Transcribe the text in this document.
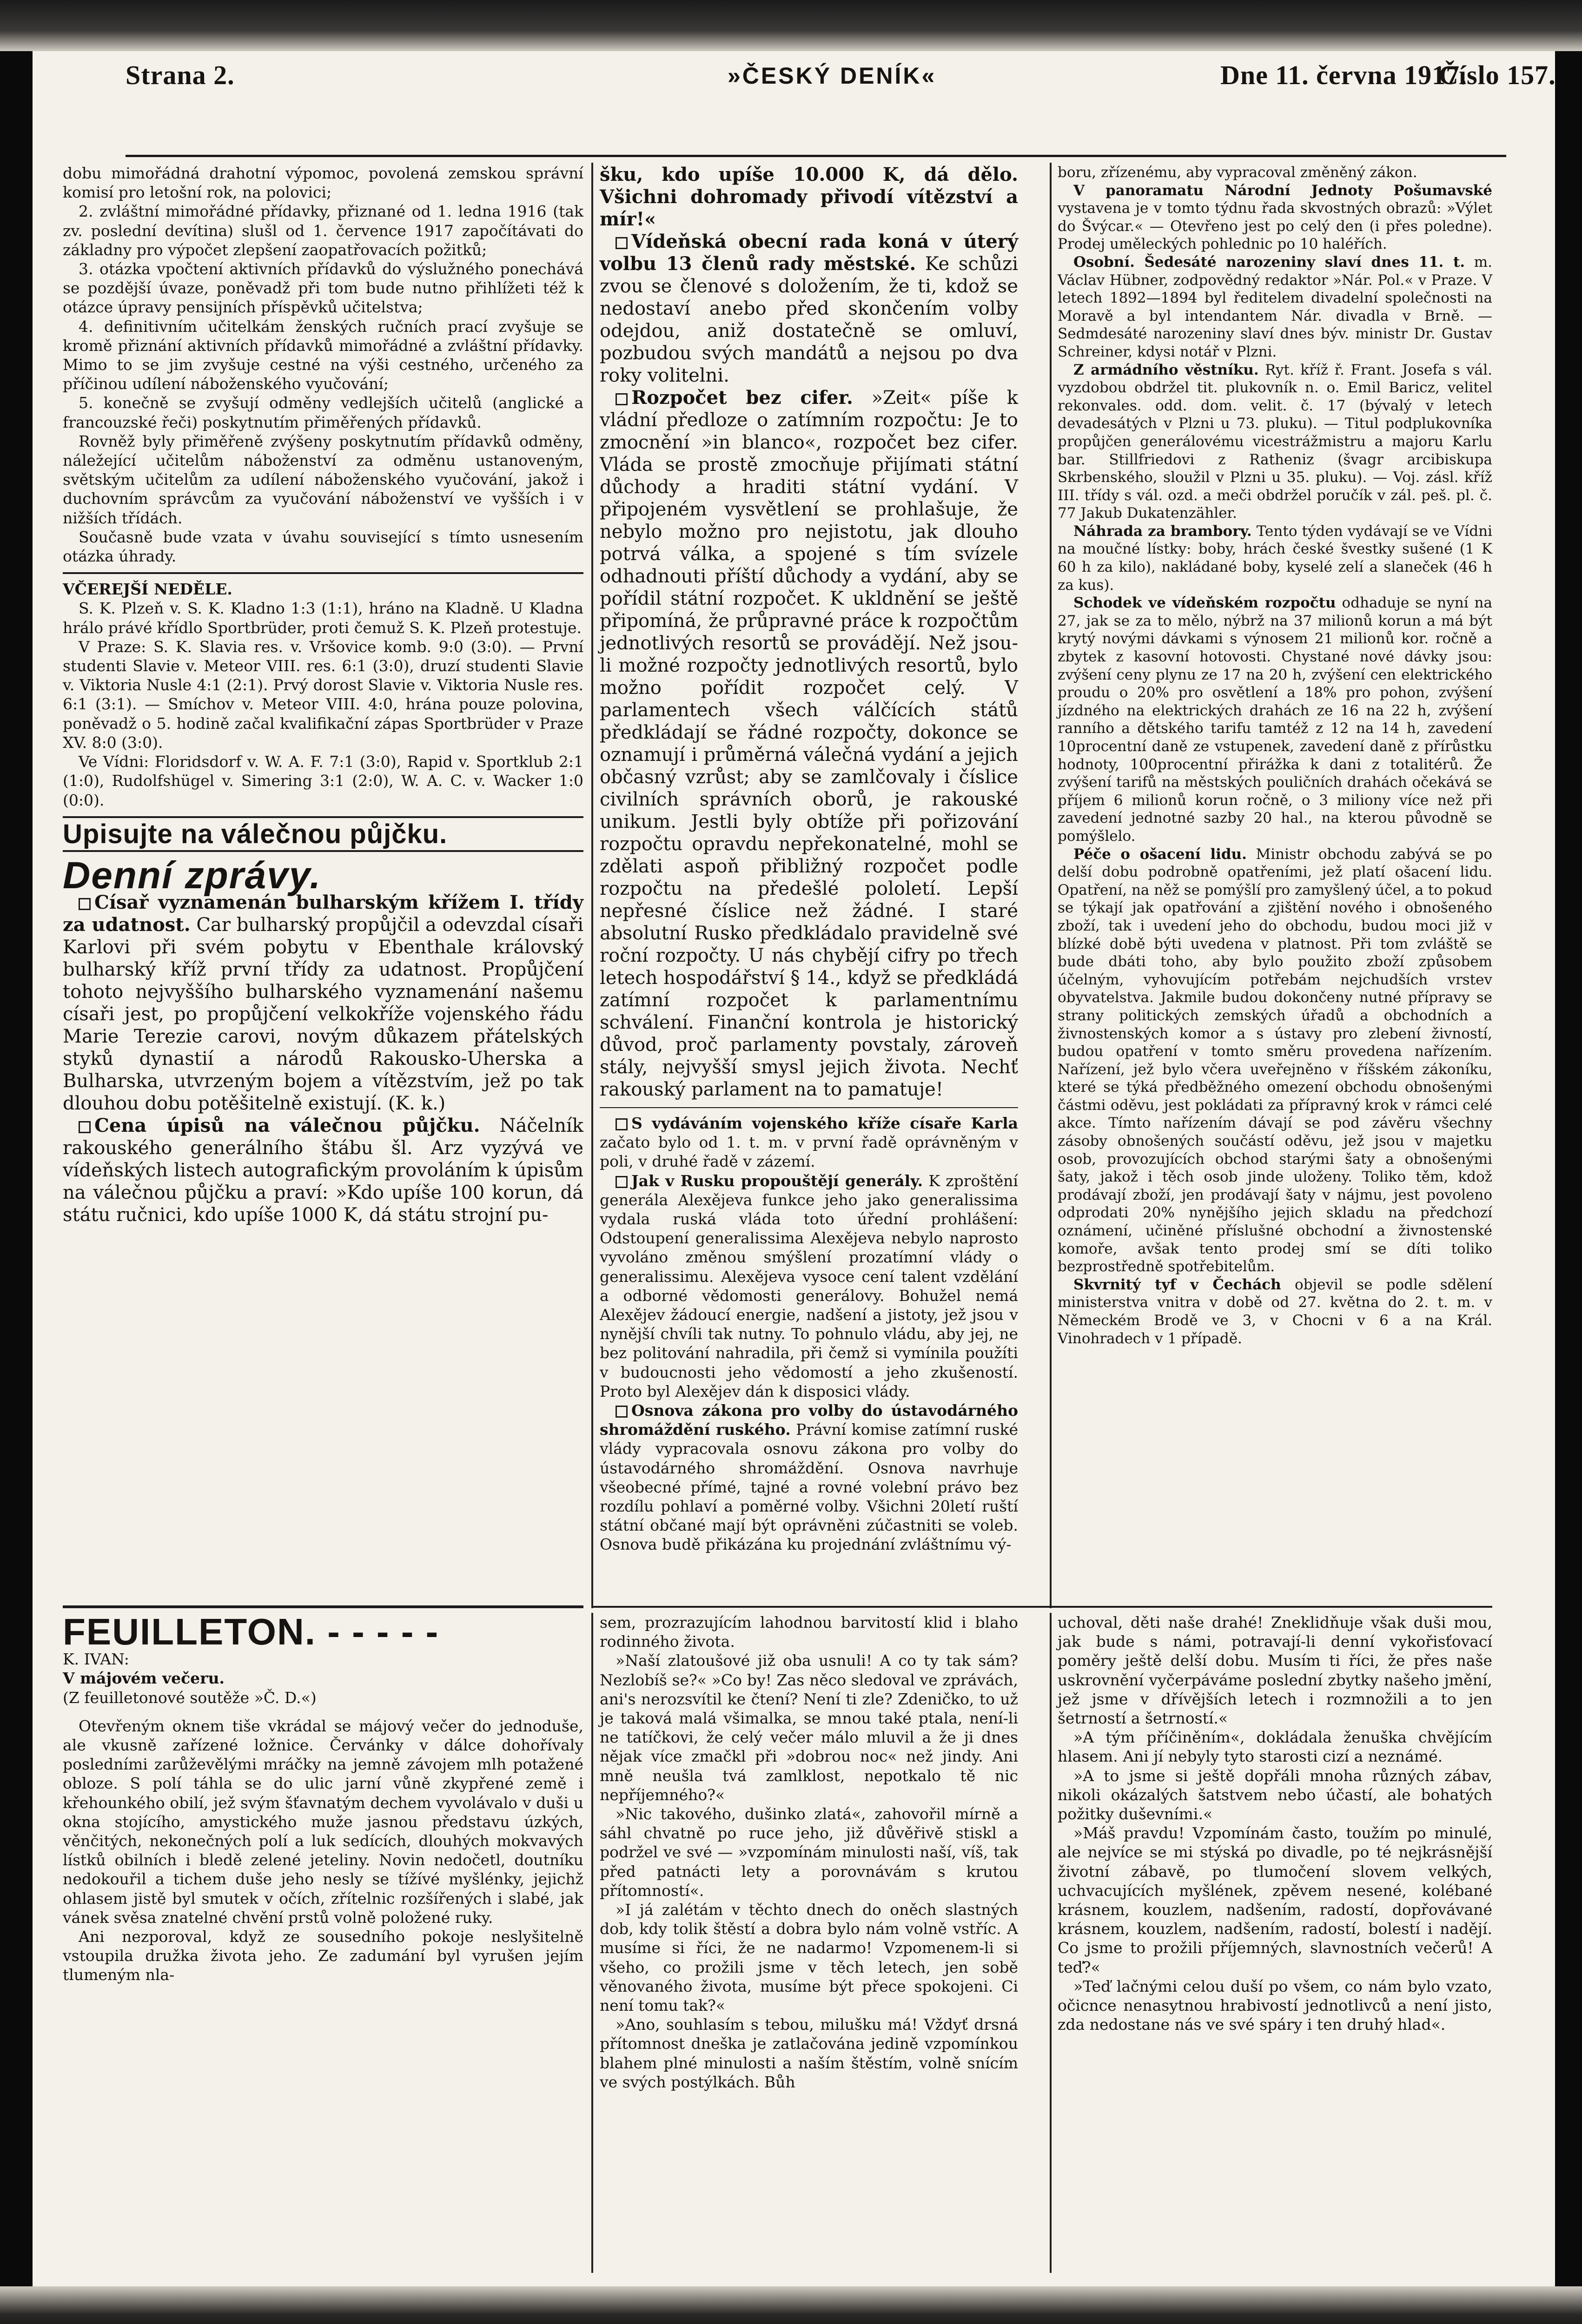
Strana 2.	»ČESKÝ DENÍK«	Dne 11. června 1917.
Číslo 157.

dobu mimořádná drahotní výpomoc, povolená zemskou správní komisí pro letošní rok, na polovici;

2. zvláštní mimořádné přídavky, přiznané od 1. ledna 1916 (tak zv. poslední devítina) slušl od 1. července 1917 započítávati do základny pro výpočet zlepšení zaopatřovacích požitků;

3. otázka vpočtení aktivních přídavků do výslužného ponechává se pozdější úvaze, poněvadž při tom bude nutno přihlížeti též k otázce úpravy pensijních příspěvků učitelstva;

4. definitivním učitelkám ženských ručních prací zvyšuje se kromě přiznání aktivních přídavků mimořádné a zvláštní přídavky. Mimo to se jim zvyšuje cestné na výši cestného, určeného za příčinou udílení náboženského vyučování;

5. konečně se zvyšují odměny vedlejších učitelů (anglické a francouzské řeči) poskytnutím přiměřených přídavků.

Rovněž byly přiměřeně zvýšeny poskytnutím přídavků odměny, náležející učitelům náboženství za odměnu ustanoveným, světským učitelům za udílení náboženského vyučování, jakož i duchovním správcům za vyučování náboženství ve vyšších i v nižších třídách.

Současně bude vzata v úvahu související s tímto usnesením otázka úhrady.

VČEREJŠÍ NEDĚLE.

S. K. Plzeň v. S. K. Kladno 1:3 (1:1), hráno na Kladně. U Kladna hrálo právé křídlo Sportbrüder, proti čemuž S. K. Plzeň protestuje.

V Praze: S. K. Slavia res. v. Vršovice komb. 9:0 (3:0). — První studenti Slavie v. Meteor VIII. res. 6:1 (3:0), druzí studenti Slavie v. Viktoria Nusle 4:1 (2:1). Prvý dorost Slavie v. Viktoria Nusle res. 6:1 (3:1). — Smíchov v. Meteor VIII. 4:0, hrána pouze polovina, poněvadž o 5. hodině začal kvalifikační zápas Sportbrüder v Praze XV. 8:0 (3:0).

Ve Vídni: Floridsdorf v. W. A. F. 7:1 (3:0), Rapid v. Sportklub 2:1 (1:0), Rudolfshügel v. Simering 3:1 (2:0), W. A. C. v. Wacker 1:0 (0:0).

Upisujte na válečnou půjčku.
Denní zprávy.

Císař vyznamenán bulharským křížem I. třídy za udatnost. Car bulharský propůjčil a odevzdal císaři Karlovi při svém pobytu v Ebenthale královský bulharský kříž první třídy za udatnost. Propůjčení tohoto nejvyššího bulharského vyznamenání našemu císaři jest, po propůjčení velkokříže vojenského řádu Marie Terezie carovi, novým důkazem přátelských styků dynastií a národů Rakousko-Uherska a Bulharska, utvrzeným bojem a vítězstvím, jež po tak dlouhou dobu potěšitelně existují. (K. k.)

Cena úpisů na válečnou půjčku. Náčelník rakouského generálního štábu šl. Arz vyzývá ve vídeňských listech autografickým provoláním k úpisům na válečnou půjčku a praví: »Kdo upíše 100 korun, dá státu ručnici, kdo upíše 1000 K, dá státu strojní pu-

šku, kdo upíše 10.000 K, dá dělo. Všichni dohromady přivodí vítězství a mír!«

Vídeňská obecní rada koná v úterý volbu 13 členů rady městské. Ke schůzi zvou se členové s doložením, že ti, kdož se nedostaví anebo před skončením volby odejdou, aniž dostatečně se omluví, pozbudou svých mandátů a nejsou po dva roky volitelni.

Rozpočet bez cifer. »Zeit« píše k vládní předloze o zatímním rozpočtu: Je to zmocnění »in blanco«, rozpočet bez cifer. Vláda se prostě zmocňuje přijímati státní důchody a hraditi státní vydání. V připojeném vysvětlení se prohlašuje, že nebylo možno pro nejistotu, jak dlouho potrvá válka, a spojené s tím svízele odhadnouti příští důchody a vydání, aby se pořídil státní rozpočet. K ukldnění se ještě připomíná, že průpravné práce k rozpočtům jednotlivých resortů se provádějí. Než jsou-li možné rozpočty jednotlivých resortů, bylo možno pořídit rozpočet celý. V parlamentech všech válčících států předkládají se řádné rozpočty, dokonce se oznamují i průměrná válečná vydání a jejich občasný vzrůst; aby se zamlčovaly i číslice civilních správních oborů, je rakouské unikum. Jestli byly obtíže při pořizování rozpočtu opravdu nepřekonatelné, mohl se zdělati aspoň přibližný rozpočet podle rozpočtu na předešlé pololetí. Lepší nepřesné číslice než žádné. I staré absolutní Rusko předkládalo pravidelně své roční rozpočty. U nás chybějí cifry po třech letech hospodářství § 14., když se předkládá zatímní rozpočet k parlamentnímu schválení. Finanční kontrola je historický důvod, proč parlamenty povstaly, zároveň stály, nejvyšší smysl jejich života. Nechť rakouský parlament na to pamatuje!

S vydáváním vojenského kříže císaře Karla začato bylo od 1. t. m. v první řadě oprávněným v poli, v druhé řadě v zázemí.

Jak v Rusku propouštějí generály. K zproštění generála Alexějeva funkce jeho jako generalissima vydala ruská vláda toto úřední prohlášení: Odstoupení generalissima Alexějeva nebylo naprosto vyvoláno změnou smýšlení prozatímní vlády o generalissimu. Alexějeva vysoce cení talent vzdělání a odborné vědomosti generálovy. Bohužel nemá Alexějev žádoucí energie, nadšení a jistoty, jež jsou v nynější chvíli tak nutny. To pohnulo vládu, aby jej, ne bez politování nahradila, při čemž si vymínila použíti v budoucnosti jeho vědomostí a jeho zkušeností. Proto byl Alexějev dán k disposici vlády.

Osnova zákona pro volby do ústavodárného shromáždění ruského. Právní komise zatímní ruské vlády vypracovala osnovu zákona pro volby do ústavodárného shromáždění. Osnova navrhuje všeobecné přímé, tajné a rovné volební právo bez rozdílu pohlaví a poměrné volby. Všichni 20letí ruští státní občané mají být oprávněni zúčastniti se voleb. Osnova budě přikázána ku projednání zvláštnímu vý-

boru, zřízenému, aby vypracoval změněný zákon.

V panoramatu Národní Jednoty Pošumavské vystavena je v tomto týdnu řada skvostných obrazů: »Výlet do Švýcar.« — Otevřeno jest po celý den (i přes poledne). Prodej uměleckých pohlednic po 10 haléřích.

Osobní. Šedesáté narozeniny slaví dnes 11. t. m. Václav Hübner, zodpovědný redaktor »Nár. Pol.« v Praze. V letech 1892—1894 byl ředitelem divadelní společnosti na Moravě a byl intendantem Nár. divadla v Brně. — Sedmdesáté narozeniny slaví dnes býv. ministr Dr. Gustav Schreiner, kdysi notář v Plzni.

Z armádního věstníku. Ryt. kříž ř. Frant. Josefa s vál. vyzdobou obdržel tit. plukovník n. o. Emil Baricz, velitel rekonvales. odd. dom. velit. č. 17 (bývalý v letech devadesátých v Plzni u 73. pluku). — Titul podplukovníka propůjčen generálovému vicestrážmistru a majoru Karlu bar. Stillfriedovi z Ratheniz (švagr arcibiskupa Skrbenského, sloužil v Plzni u 35. pluku). — Voj. zásl. kříž III. třídy s vál. ozd. a meči obdržel poručík v zál. peš. pl. č. 77 Jakub Dukatenzähler.

Náhrada za brambory. Tento týden vydávají se ve Vídni na moučné lístky: boby, hrách české švestky sušené (1 K 60 h za kilo), nakládané boby, kyselé zelí a slaneček (46 h za kus).

Schodek ve vídeňském rozpočtu odhaduje se nyní na 27, jak se za to mělo, nýbrž na 37 milionů korun a má být krytý novými dávkami s výnosem 21 milionů kor. ročně a zbytek z kasovní hotovosti. Chystané nové dávky jsou: zvýšení ceny plynu ze 17 na 20 h, zvýšení cen elektrického proudu o 20% pro osvětlení a 18% pro pohon, zvýšení jízdného na elektrických drahách ze 16 na 22 h, zvýšení ranního a dětského tarifu tamtéž z 12 na 14 h, zavedení 10procentní daně ze vstupenek, zavedení daně z přírůstku hodnoty, 100procentní přirážka k dani z totalitérů. Že zvýšení tarifů na městských pouličních drahách očekává se příjem 6 milionů korun ročně, o 3 miliony více než při zavedení jednotné sazby 20 hal., na kterou původně se pomýšlelo.

Péče o ošacení lidu. Ministr obchodu zabývá se po delší dobu podrobně opatřeními, jež platí ošacení lidu. Opatření, na něž se pomýšlí pro zamyšlený účel, a to pokud se týkají jak opatřování a zjištění nového i obnošeného zboží, tak i uvedení jeho do obchodu, budou moci již v blízké době býti uvedena v platnost. Při tom zvláště se bude dbáti toho, aby bylo použito zboží způsobem účelným, vyhovujícím potřebám nejchudších vrstev obyvatelstva. Jakmile budou dokončeny nutné přípravy se strany politických zemských úřadů a obchodních a živnostenských komor a s ústavy pro zlebení živností, budou opatření v tomto směru provedena nařízením. Nařízení, jež bylo včera uveřejněno v říšském zákoníku, které se týká předběžného omezení obchodu obnošenými částmi oděvu, jest pokládati za přípravný krok v rámci celé akce. Tímto nařízením dávají se pod závěru všechny zásoby obnošených součástí oděvu, jež jsou v majetku osob, provozujících obchod starými šaty a obnošenými šaty, jakož i těch osob jinde uloženy. Toliko těm, kdož prodávají zboží, jen prodávají šaty v nájmu, jest povoleno odprodati 20% nynějšího jejich skladu na předchozí oznámení, učiněné příslušné obchodní a živnostenské komoře, avšak tento prodej smí se díti toliko bezprostředně spotřebitelům.

Skvrnitý tyf v Čechách objevil se podle sdělení ministerstva vnitra v době od 27. května do 2. t. m. v Německém Brodě ve 3, v Chocni v 6 a na Král. Vinohradech v 1 případě.

FEUILLETON. - - - - -

K. IVAN:

V májovém večeru.

(Z feuilletonové soutěže »Č. D.«)

Otevřeným oknem tiše vkrádal se májový večer do jednoduše, ale vkusně zařízené ložnice. Červánky v dálce dohořívaly posledními zarůževělými mráčky na jemně závojem mlh potažené obloze. S polí táhla se do ulic jarní vůně zkypřené země i křehounkého obilí, jež svým šťavnatým dechem vyvolávalo v duši u okna stojícího, amystického muže jasnou představu úzkých, věnčitých, nekonečných polí a luk sedících, dlouhých mokvavých lístků obilních i bledě zelené jeteliny. Novin nedočetl, doutníku nedokouřil a tichem duše jeho nesly se tížívé myšlénky, jejichž ohlasem jistě byl smutek v očích, zřítelnic rozšířených i slabé, jak vánek svěsa znatelné chvění prstů volně položené ruky.

Ani nezporoval, když ze sousedního pokoje neslyšitelně vstoupila družka života jeho. Ze zadumání byl vyrušen jejím tlumeným nla-

sem, prozrazujícím lahodnou barvitostí klid i blaho rodinného života.

»Naší zlatoušové již oba usnuli! A co ty tak sám? Nezlobíš se?« »Co by! Zas něco sledoval ve zprávách, ani's nerozsvítil ke čtení? Není ti zle? Zdeničko, to už je taková malá všimalka, se mnou také ptala, není-li ne tatíčkovi, že celý večer málo mluvil a že ji dnes nějak více zmačkl při »dobrou noc« než jindy. Ani mně neušla tvá zamlklost, nepotkalo tě nic nepříjemného?«

»Nic takového, dušinko zlatá«, zahovořil mírně a sáhl chvatně po ruce jeho, již důvěřivě stiskl a podržel ve své — »vzpomínám minulosti naší, víš, tak před patnácti lety a porovnávám s krutou přítomností«.

»I já zalétám v těchto dnech do oněch slastných dob, kdy tolik štěstí a dobra bylo nám volně vstříc. A musíme si říci, že ne nadarmo! Vzpomenem-li si všeho, co prožili jsme v těch letech, jen sobě věnovaného života, musíme být přece spokojeni. Ci není tomu tak?«

»Ano, souhlasím s tebou, milušku má! Vždyť drsná přítomnost dneška je zatlačována jedině vzpomínkou blahem plné minulosti a naším štěstím, volně snícím ve svých postýlkách. Bůh

uchoval, děti naše drahé! Zneklidňuje však duši mou, jak bude s námi, potravají-li denní vykořisťovací poměry ještě delší dobu. Musím ti říci, že přes naše uskrovnění vyčerpáváme poslední zbytky našeho jmění, jež jsme v dřívějších letech i rozmnožili a to jen šetrností a šetrností.«

»A tým příčiněním«, dokládala ženuška chvějícím hlasem. Ani jí nebyly tyto starosti cizí a neznámé.

»A to jsme si ještě dopřáli mnoha různých zábav, nikoli okázalých šatstvem nebo účastí, ale bohatých požitky duševními.«

»Máš pravdu! Vzpomínám často, toužím po minulé, ale nejvíce se mi stýská po divadle, po té nejkrásnější životní zábavě, po tlumočení slovem velkých, uchvacujících myšlének, zpěvem nesené, kolébané krásnem, kouzlem, nadšením, radostí, dopřovávané krásnem, kouzlem, nadšením, radostí, bolestí i nadějí. Co jsme to prožili příjemných, slavnostních večerů! A teď?«

»Teď lačnými celou duší po všem, co nám bylo vzato, očicnce nenasytnou hrabivostí jednotlivců a není jisto, zda nedostane nás ve své spáry i ten druhý hlad«.
